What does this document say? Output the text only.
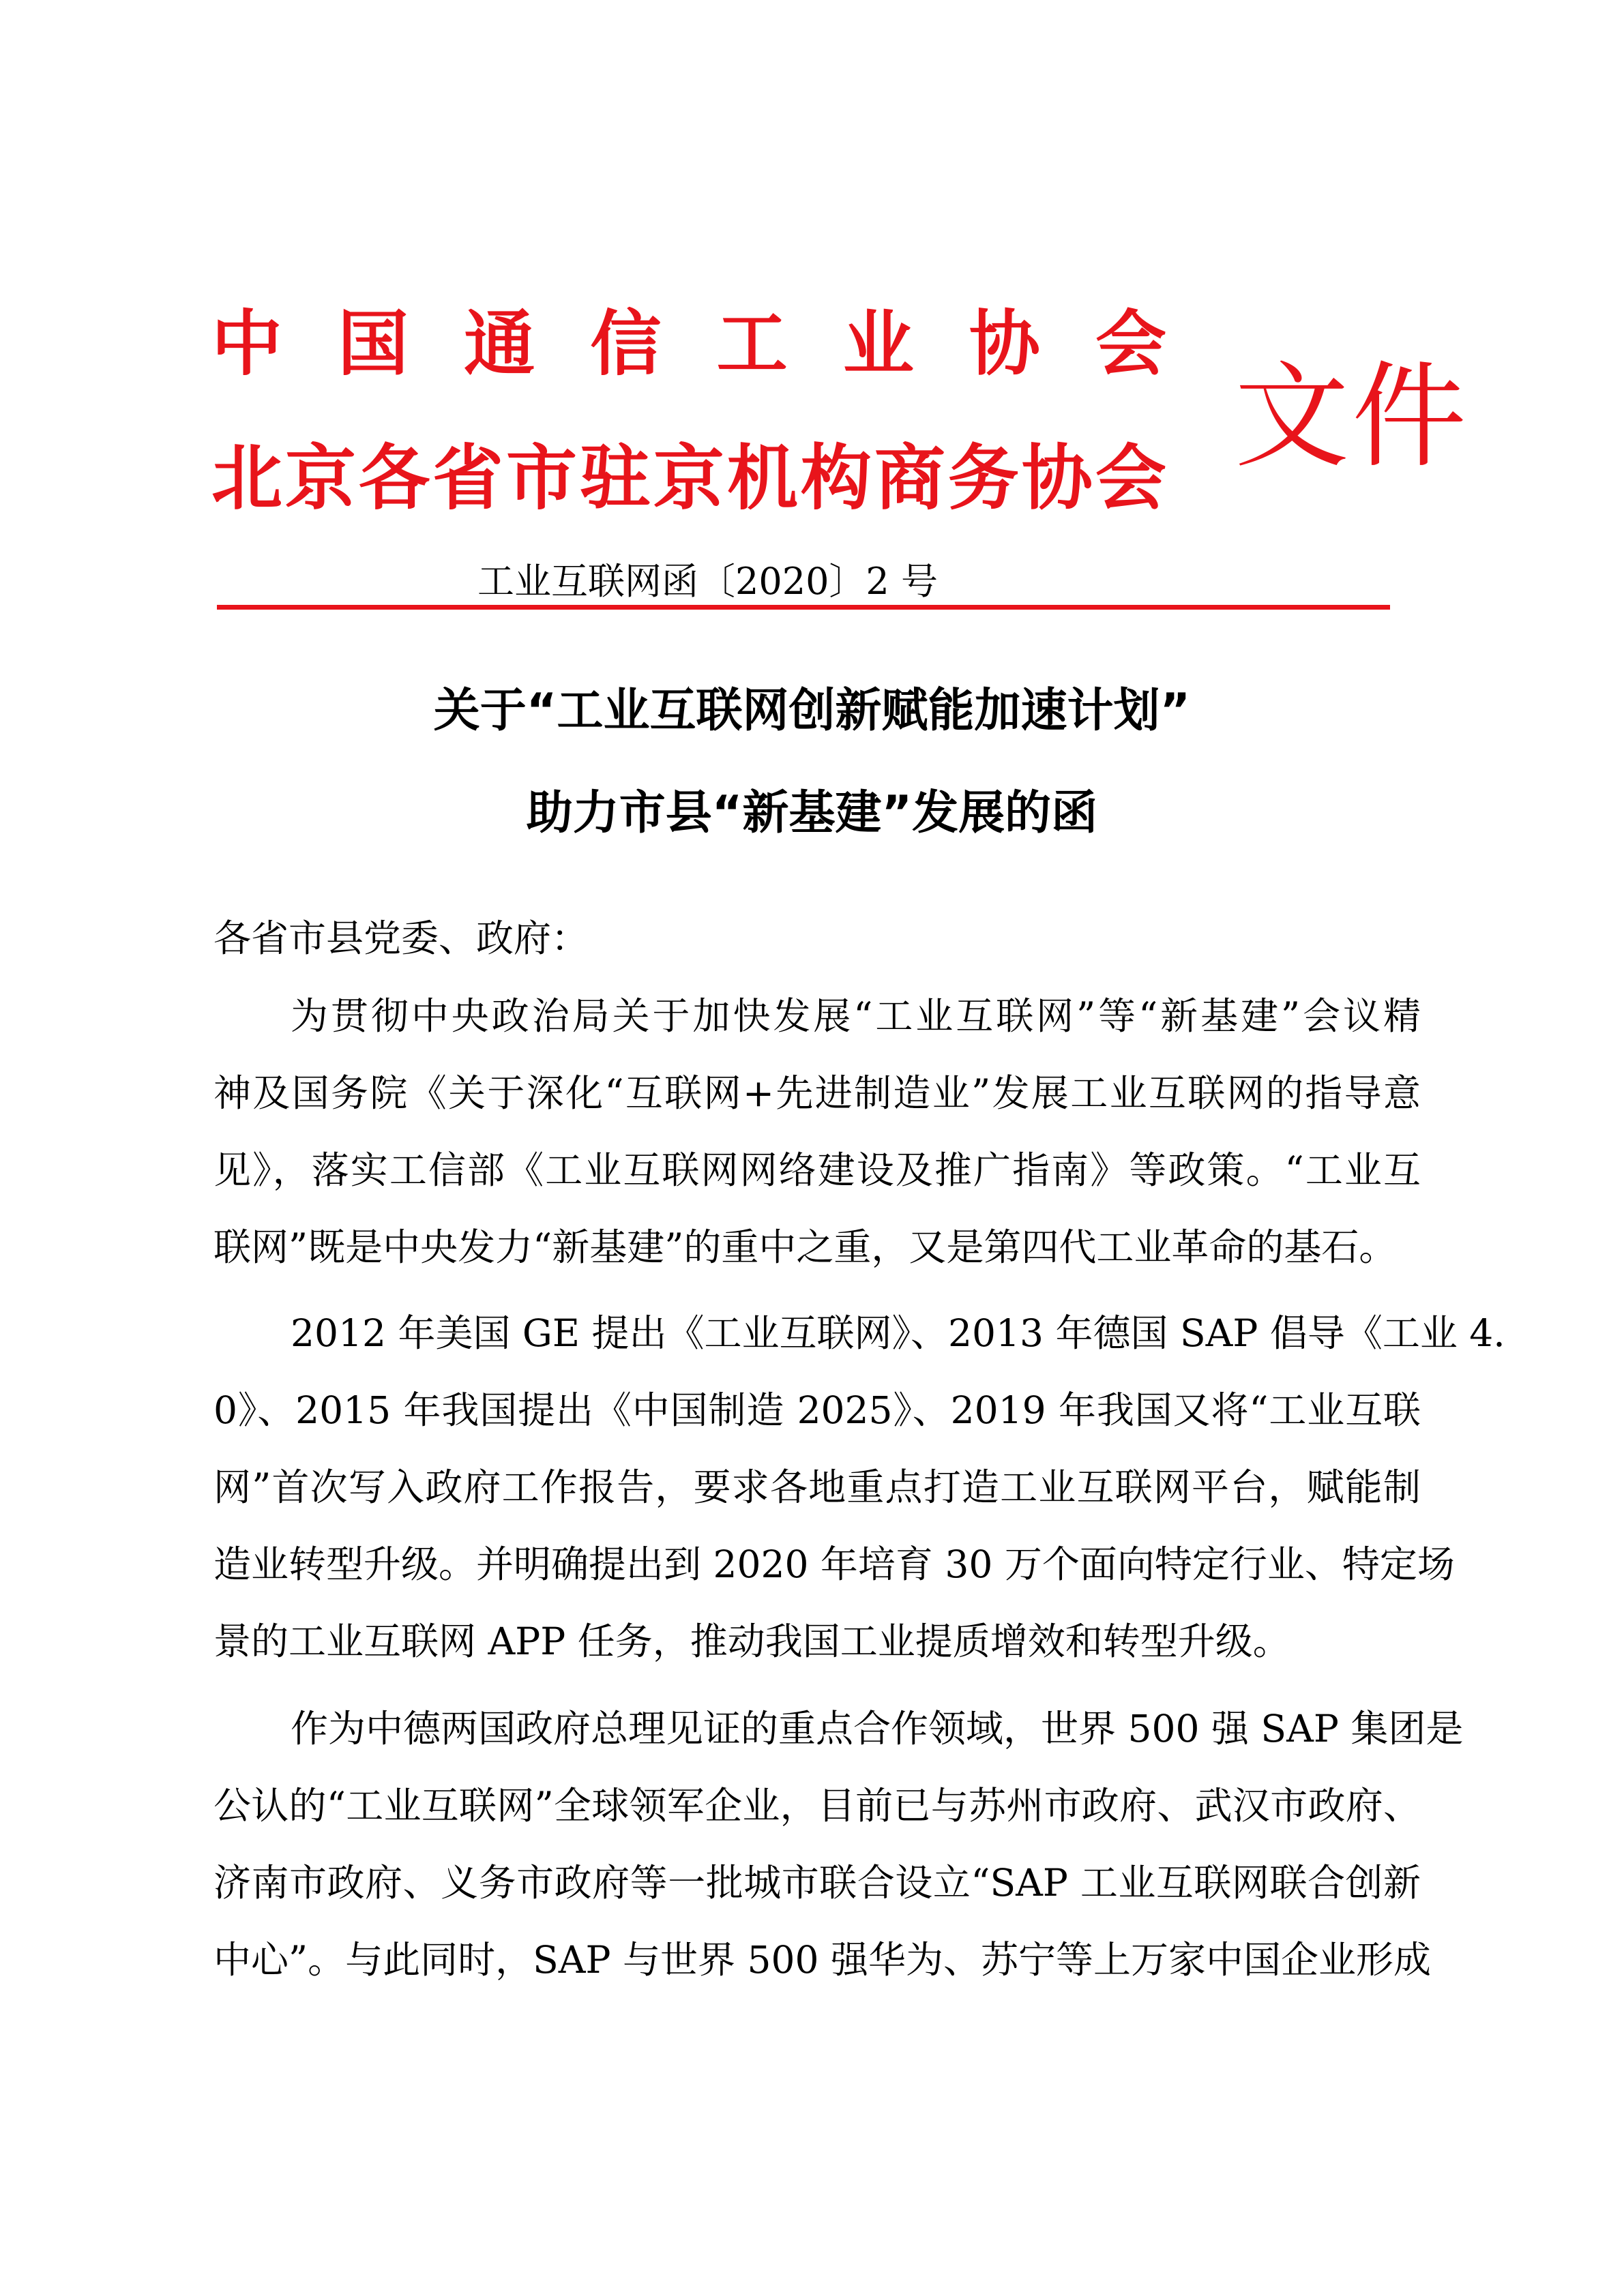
中 国 通 信 工 业 协 会
北 京 各 省 市 驻 京 机 构 商 务 协 会 文件
工业互联网函〔2020〕2 号
关于“工业互联网创新赋能加速计划”
助力市县“新基建”发展的函
各省市县党委、政府：
为贯彻中央政治局关于加快发展“工业互联网”等“新基建”会议精
神及国务院《关于深化“互联网+先进制造业”发展工业互联网的指导意
见》，落实工信部《工业互联网网络建设及推广指南》等政策。“工业互
联网”既是中央发力“新基建”的重中之重，又是第四代工业革命的基石。
2012 年美国 GE 提出《工业互联网》、2013 年德国 SAP 倡导《工业 4.
0》、2015 年我国提出《中国制造 2025》、2019 年我国又将“工业互联
网”首次写入政府工作报告，要求各地重点打造工业互联网平台，赋能制
造业转型升级。并明确提出到 2020 年培育 30 万个面向特定行业、特定场
景的工业互联网 APP 任务，推动我国工业提质增效和转型升级。
作为中德两国政府总理见证的重点合作领域，世界 500 强 SAP 集团是
公认的“工业互联网”全球领军企业，目前已与苏州市政府、武汉市政府、
济南市政府、义务市政府等一批城市联合设立“SAP 工业互联网联合创新
中心”。与此同时，SAP 与世界 500 强华为、苏宁等上万家中国企业形成
